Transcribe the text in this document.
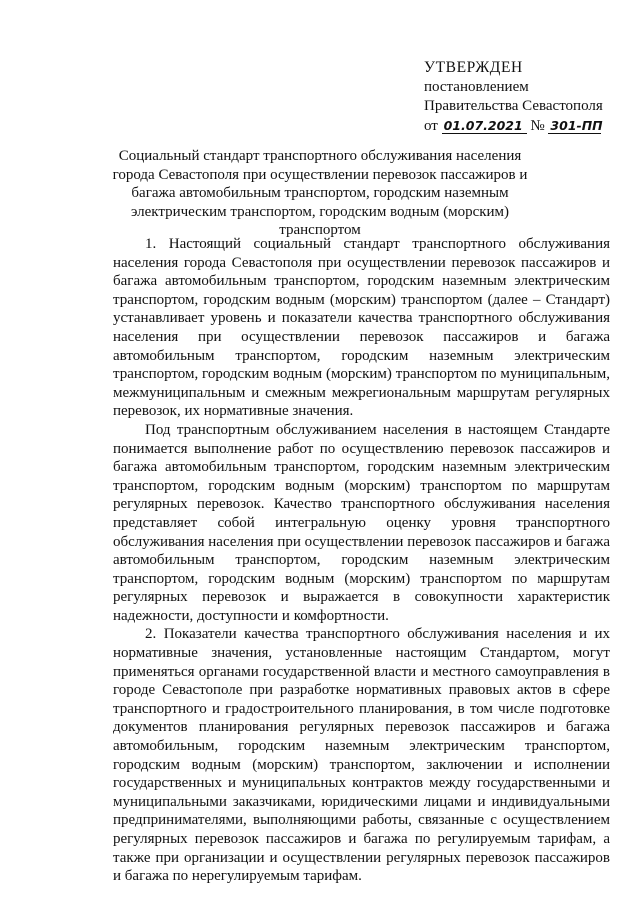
УТВЕРЖДЕН
постановлением
Правительства Севастополя
от 01.07.2021 № 301-ПП
Социальный стандарт транспортного обслуживания населения города Севастополя при осуществлении перевозок пассажиров и багажа автомобильным транспортом, городским наземным электрическим транспортом, городским водным (морским) транспортом

1. Настоящий социальный стандарт транспортного обслуживания населения города Севастополя при осуществлении перевозок пассажиров и багажа автомобильным транспортом, городским наземным электрическим транспортом, городским водным (морским) транспортом (далее – Стандарт) устанавливает уровень и показатели качества транспортного обслуживания населения при осуществлении перевозок пассажиров и багажа автомобильным транспортом, городским наземным электрическим транспортом, городским водным (морским) транспортом по муниципальным, межмуниципальным и смежным межрегиональным маршрутам регулярных перевозок, их нормативные значения.

Под транспортным обслуживанием населения в настоящем Стандарте понимается выполнение работ по осуществлению перевозок пассажиров и багажа автомобильным транспортом, городским наземным электрическим транспортом, городским водным (морским) транспортом по маршрутам регулярных перевозок. Качество транспортного обслуживания населения представляет собой интегральную оценку уровня транспортного обслуживания населения при осуществлении перевозок пассажиров и багажа автомобильным транспортом, городским наземным электрическим транспортом, городским водным (морским) транспортом по маршрутам регулярных перевозок и выражается в совокупности характеристик надежности, доступности и комфортности.

2. Показатели качества транспортного обслуживания населения и их нормативные значения, установленные настоящим Стандартом, могут применяться органами государственной власти и местного самоуправления в городе Севастополе при разработке нормативных правовых актов в сфере транспортного и градостроительного планирования, в том числе подготовке документов планирования регулярных перевозок пассажиров и багажа автомобильным, городским наземным электрическим транспортом, городским водным (морским) транспортом, заключении и исполнении государственных и муниципальных контрактов между государственными и муниципальными заказчиками, юридическими лицами и индивидуальными предпринимателями, выполняющими работы, связанные с осуществлением регулярных перевозок пассажиров и багажа по регулируемым тарифам, а также при организации и осуществлении регулярных перевозок пассажиров и багажа по нерегулируемым тарифам.
